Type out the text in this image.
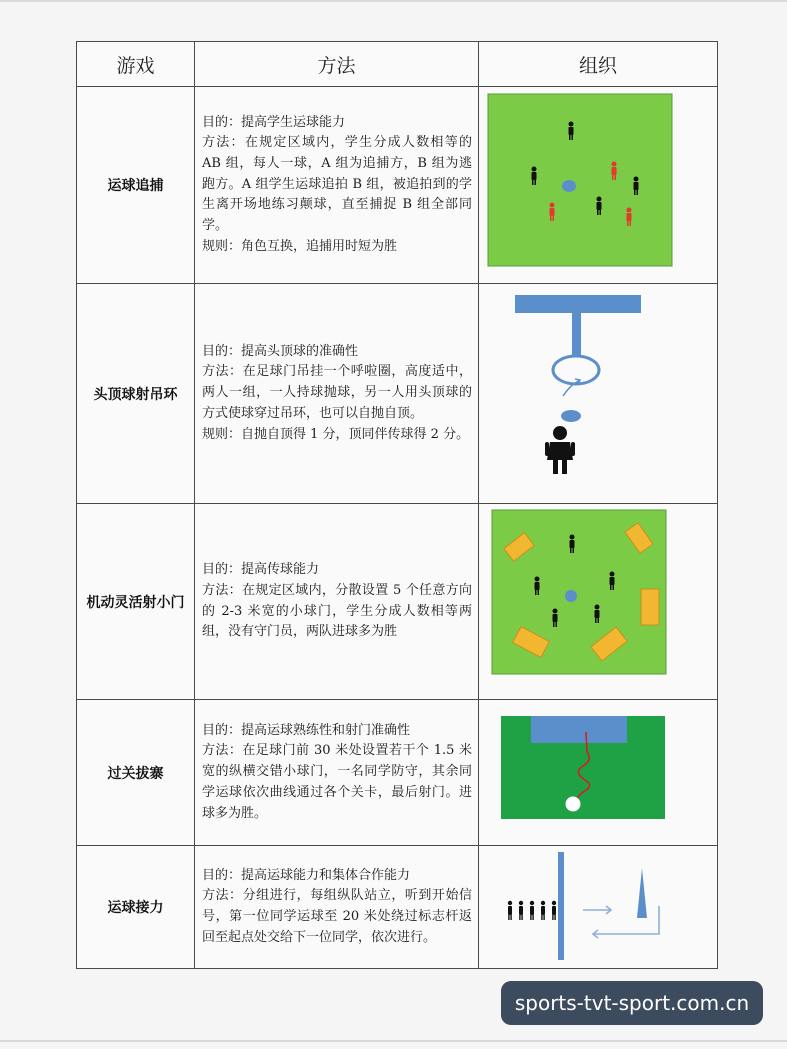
游戏	方法	组织
运球追捕	目的：提高学生运球能力

方法：在规定区域内，学生分成人数相等的 AB 组，每人一球，A 组为追捕方，B 组为逃跑方。A 组学生运球追拍 B 组，被追拍到的学生离开场地练习颠球，直至捕捉 B 组全部同学。

规则：角色互换，追捕用时短为胜

头顶球射吊环	目的：提高头顶球的准确性

方法：在足球门吊挂一个呼啦圈，高度适中，两人一组，一人持球抛球，另一人用头顶球的方式使球穿过吊环，也可以自抛自顶。

规则：自抛自顶得 1 分，顶同伴传球得 2 分。

机动灵活射小门	目的：提高传球能力

方法：在规定区域内，分散设置 5 个任意方向的 2-3 米宽的小球门，学生分成人数相等两组，没有守门员，两队进球多为胜

过关拔寨	目的：提高运球熟练性和射门准确性

方法：在足球门前 30 米处设置若干个 1.5 米宽的纵横交错小球门，一名同学防守，其余同学运球依次曲线通过各个关卡，最后射门。进球多为胜。

运球接力	目的：提高运球能力和集体合作能力

方法：分组进行，每组纵队站立，听到开始信号，第一位同学运球至 20 米处绕过标志杆返回至起点处交给下一位同学，依次进行。

sports-tvt-sport.com.cn
